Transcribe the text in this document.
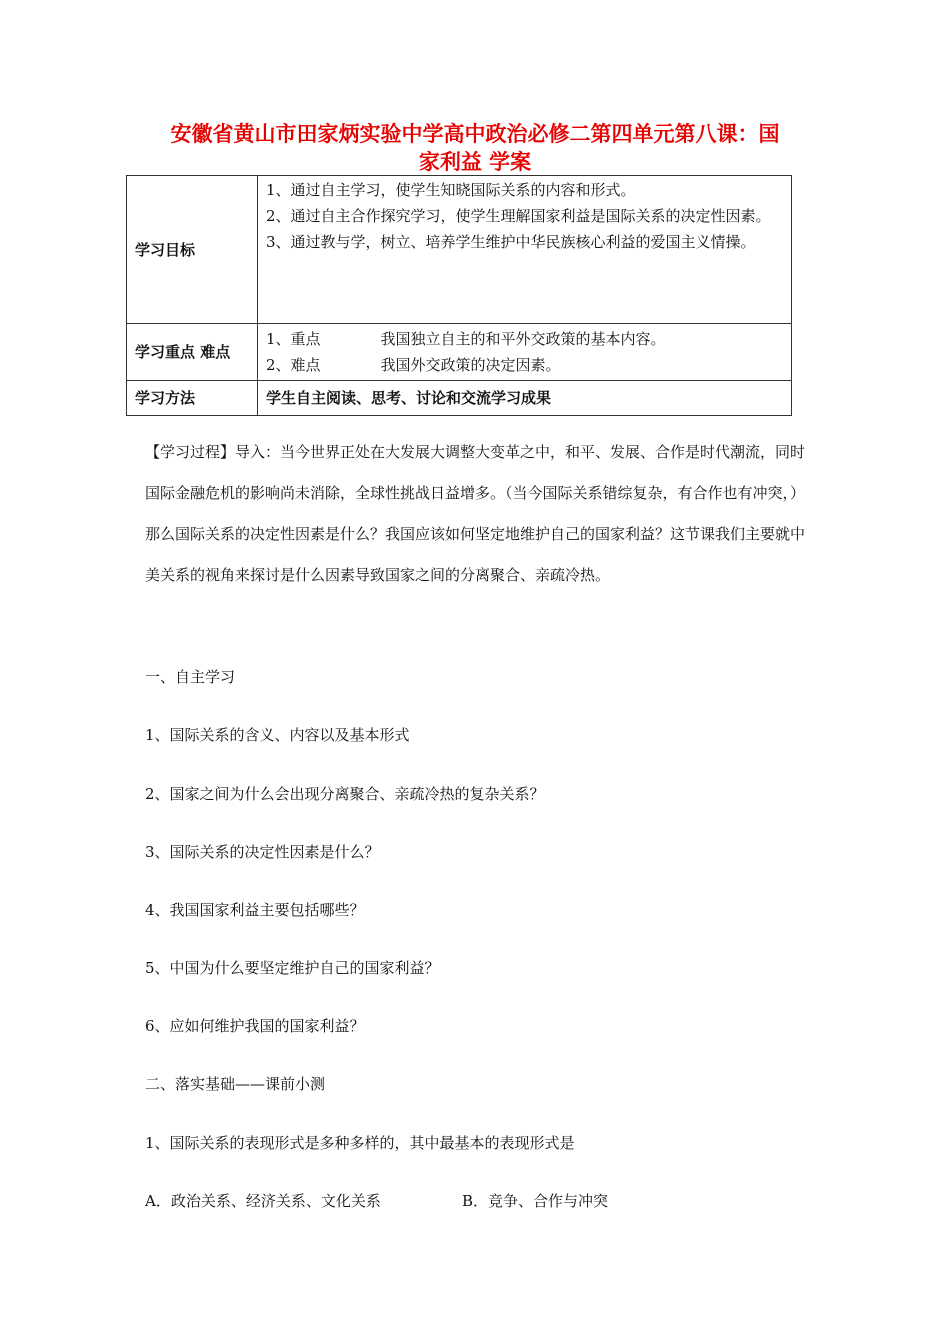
安徽省黄山市田家炳实验中学高中政治必修二第四单元第八课：国
家利益 学案
学习目标	1、通过自主学习，使学生知晓国际关系的内容和形式。
2、通过自主合作探究学习，使学生理解国家利益是国际关系的决定性因素。
3、通过教与学，树立、培养学生维护中华民族核心利益的爱国主义情操。

学习重点 难点	1、重点 我国独立自主的和平外交政策的基本内容。
2、难点 我国外交政策的决定因素。

学习方法	学生自主阅读、思考、讨论和交流学习成果
【学习过程】导入：当今世界正处在大发展大调整大变革之中，和平、发展、合作是时代潮流，同时国际金融危机的影响尚未消除，全球性挑战日益增多。（当今国际关系错综复杂，有合作也有冲突，）那么国际关系的决定性因素是什么？我国应该如何坚定地维护自己的国家利益？这节课我们主要就中美关系的视角来探讨是什么因素导致国家之间的分离聚合、亲疏冷热。
一、自主学习
1、国际关系的含义、内容以及基本形式
2、国家之间为什么会出现分离聚合、亲疏冷热的复杂关系？
3、国际关系的决定性因素是什么？
4、我国国家利益主要包括哪些？
5、中国为什么要坚定维护自己的国家利益？
6、应如何维护我国的国家利益？
二、落实基础——课前小测
1、国际关系的表现形式是多种多样的，其中最基本的表现形式是
A．政治关系、经济关系、文化关系	B．竞争、合作与冲突
